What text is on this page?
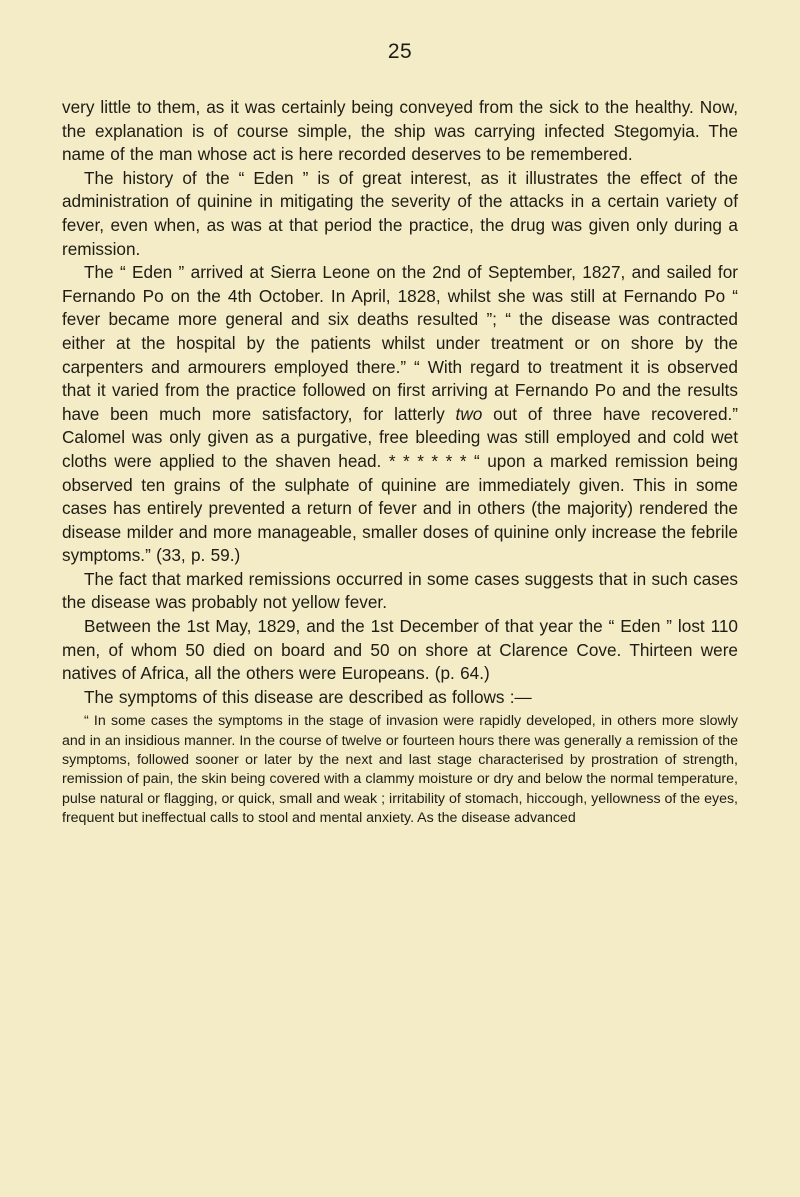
25

very little to them, as it was certainly being conveyed from the sick to the healthy. Now, the explanation is of course simple, the ship was carrying infected Stegomyia. The name of the man whose act is here recorded deserves to be remembered.

The history of the “ Eden ” is of great interest, as it illustrates the effect of the administration of quinine in mitigating the severity of the attacks in a certain variety of fever, even when, as was at that period the practice, the drug was given only during a remission.

The “ Eden ” arrived at Sierra Leone on the 2nd of September, 1827, and sailed for Fernando Po on the 4th October. In April, 1828, whilst she was still at Fernando Po “ fever became more general and six deaths resulted ”; “ the disease was contracted either at the hospital by the patients whilst under treatment or on shore by the carpenters and armourers employed there.” “ With regard to treatment it is observed that it varied from the practice followed on first arriving at Fernando Po and the results have been much more satisfactory, for latterly two out of three have recovered.” Calomel was only given as a purgative, free bleeding was still employed and cold wet cloths were applied to the shaven head. * * * * * * “ upon a marked remission being observed ten grains of the sulphate of quinine are immediately given. This in some cases has entirely prevented a return of fever and in others (the majority) rendered the disease milder and more manageable, smaller doses of quinine only increase the febrile symptoms.” (33, p. 59.)

The fact that marked remissions occurred in some cases suggests that in such cases the disease was probably not yellow fever.

Between the 1st May, 1829, and the 1st December of that year the “ Eden ” lost 110 men, of whom 50 died on board and 50 on shore at Clarence Cove. Thirteen were natives of Africa, all the others were Europeans. (p. 64.)

The symptoms of this disease are described as follows :—

“ In some cases the symptoms in the stage of invasion were rapidly developed, in others more slowly and in an insidious manner. In the course of twelve or fourteen hours there was generally a remission of the symptoms, followed sooner or later by the next and last stage characterised by prostration of strength, remission of pain, the skin being covered with a clammy moisture or dry and below the normal temperature, pulse natural or flagging, or quick, small and weak ; irritability of stomach, hiccough, yellowness of the eyes, frequent but ineffectual calls to stool and mental anxiety. As the disease advanced
